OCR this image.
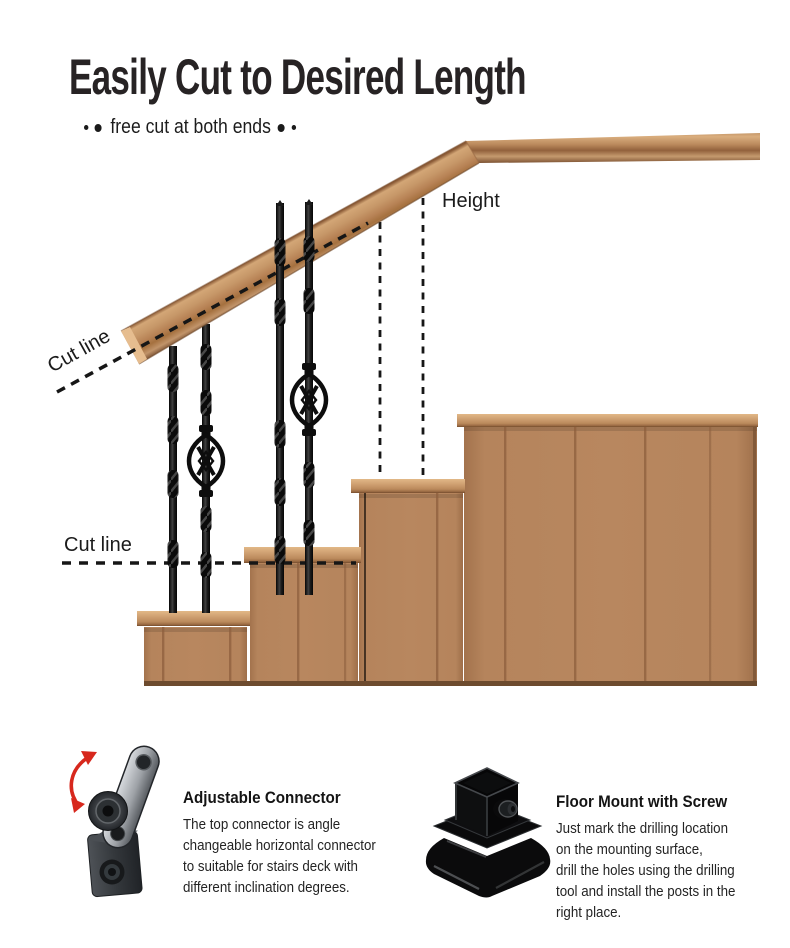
Easily Cut to Desired Length
free cut at both ends
Height
Cut line
Cut line

Adjustable Connector

The top connector is angle
changeable horizontal connector
to suitable for stairs deck with
different inclination degrees.

Floor Mount with Screw

Just mark the drilling location
on the mounting surface,
drill the holes using the drilling
tool and install the posts in the
right place.
